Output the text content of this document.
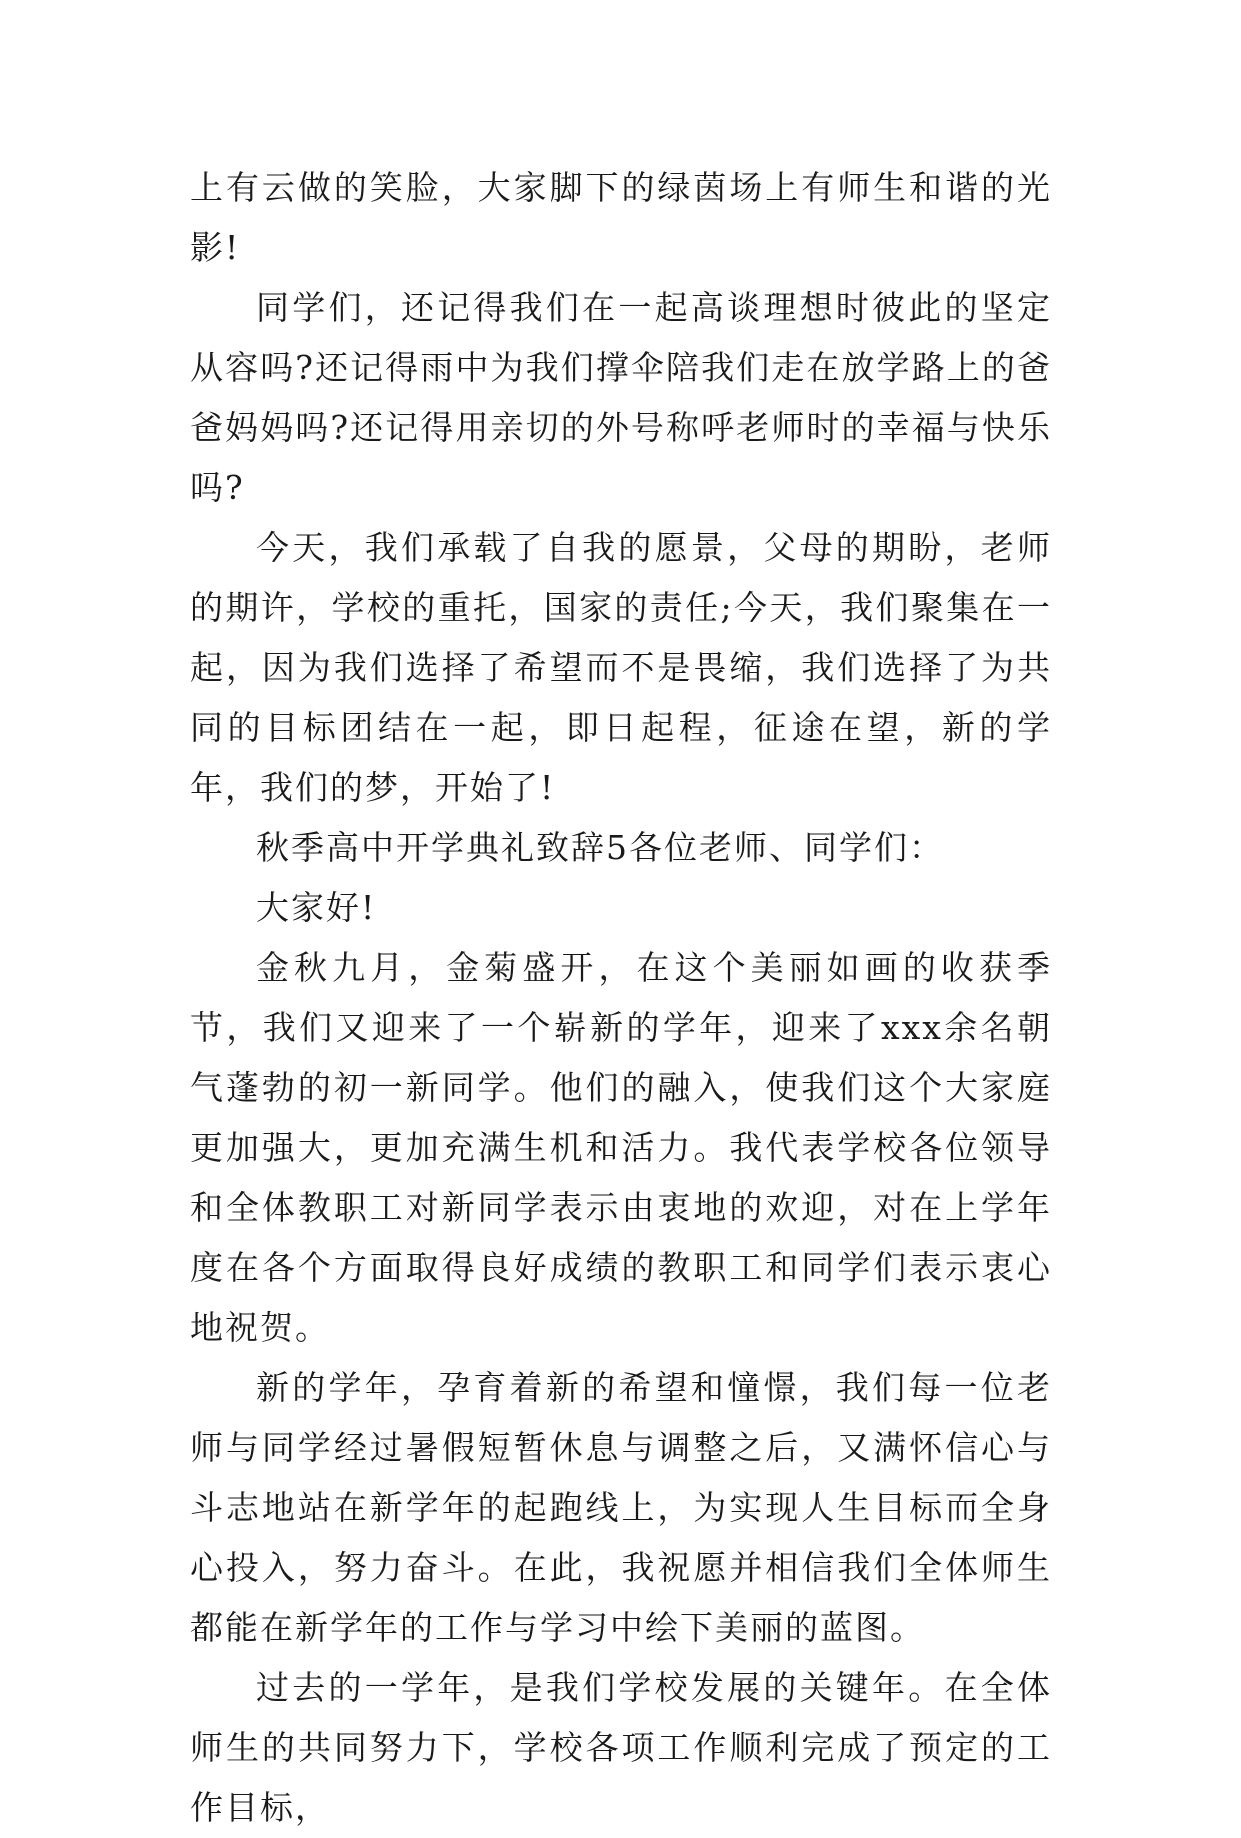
上有云做的笑脸，大家脚下的绿茵场上有师生和谐的光影!

同学们，还记得我们在一起高谈理想时彼此的坚定从容吗?还记得雨中为我们撑伞陪我们走在放学路上的爸爸妈妈吗?还记得用亲切的外号称呼老师时的幸福与快乐吗?

今天，我们承载了自我的愿景，父母的期盼，老师的期许，学校的重托，国家的责任;今天，我们聚集在一起，因为我们选择了希望而不是畏缩，我们选择了为共同的目标团结在一起，即日起程，征途在望，新的学年，我们的梦，开始了!

秋季高中开学典礼致辞5各位老师、同学们：

大家好!

金秋九月，金菊盛开，在这个美丽如画的收获季节，我们又迎来了一个崭新的学年，迎来了xxx余名朝气蓬勃的初一新同学。他们的融入，使我们这个大家庭更加强大，更加充满生机和活力。我代表学校各位领导和全体教职工对新同学表示由衷地的欢迎，对在上学年度在各个方面取得良好成绩的教职工和同学们表示衷心地祝贺。

新的学年，孕育着新的希望和憧憬，我们每一位老师与同学经过暑假短暂休息与调整之后，又满怀信心与斗志地站在新学年的起跑线上，为实现人生目标而全身心投入，努力奋斗。在此，我祝愿并相信我们全体师生都能在新学年的工作与学习中绘下美丽的蓝图。

过去的一学年，是我们学校发展的关键年。在全体师生的共同努力下，学校各项工作顺利完成了预定的工作目标，
